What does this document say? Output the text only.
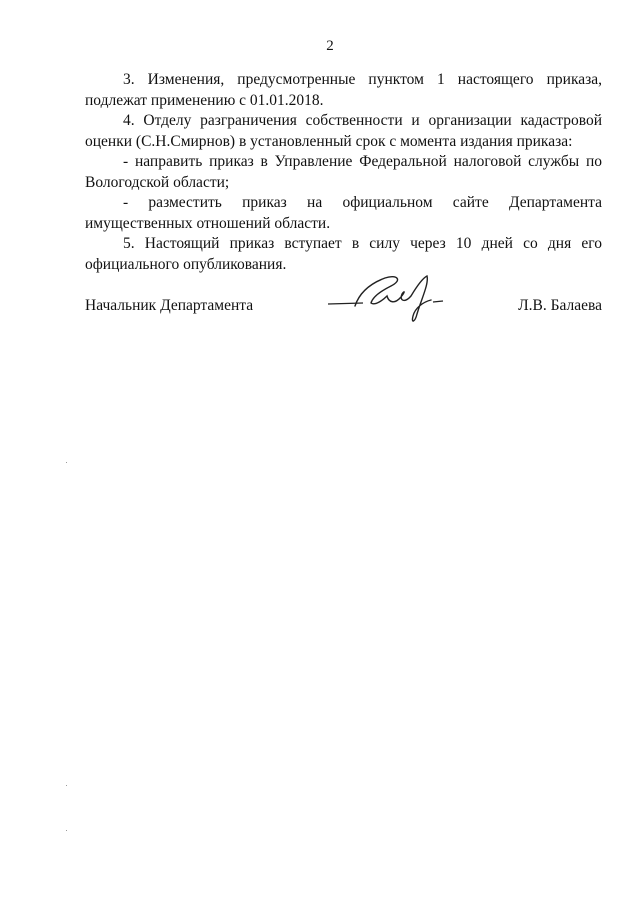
2

3. Изменения, предусмотренные пунктом 1 настоящего приказа, подлежат применению с 01.01.2018.

4. Отделу разграничения собственности и организации кадастровой оценки (С.Н.Смирнов) в установленный срок с момента издания приказа:

- направить приказ в Управление Федеральной налоговой службы по Вологодской области;

- разместить приказ на официальном сайте Департамента имущественных отношений области.

5. Настоящий приказ вступает в силу через 10 дней со дня его официального опубликования.

Начальник Департамента	Л.В. Балаева
